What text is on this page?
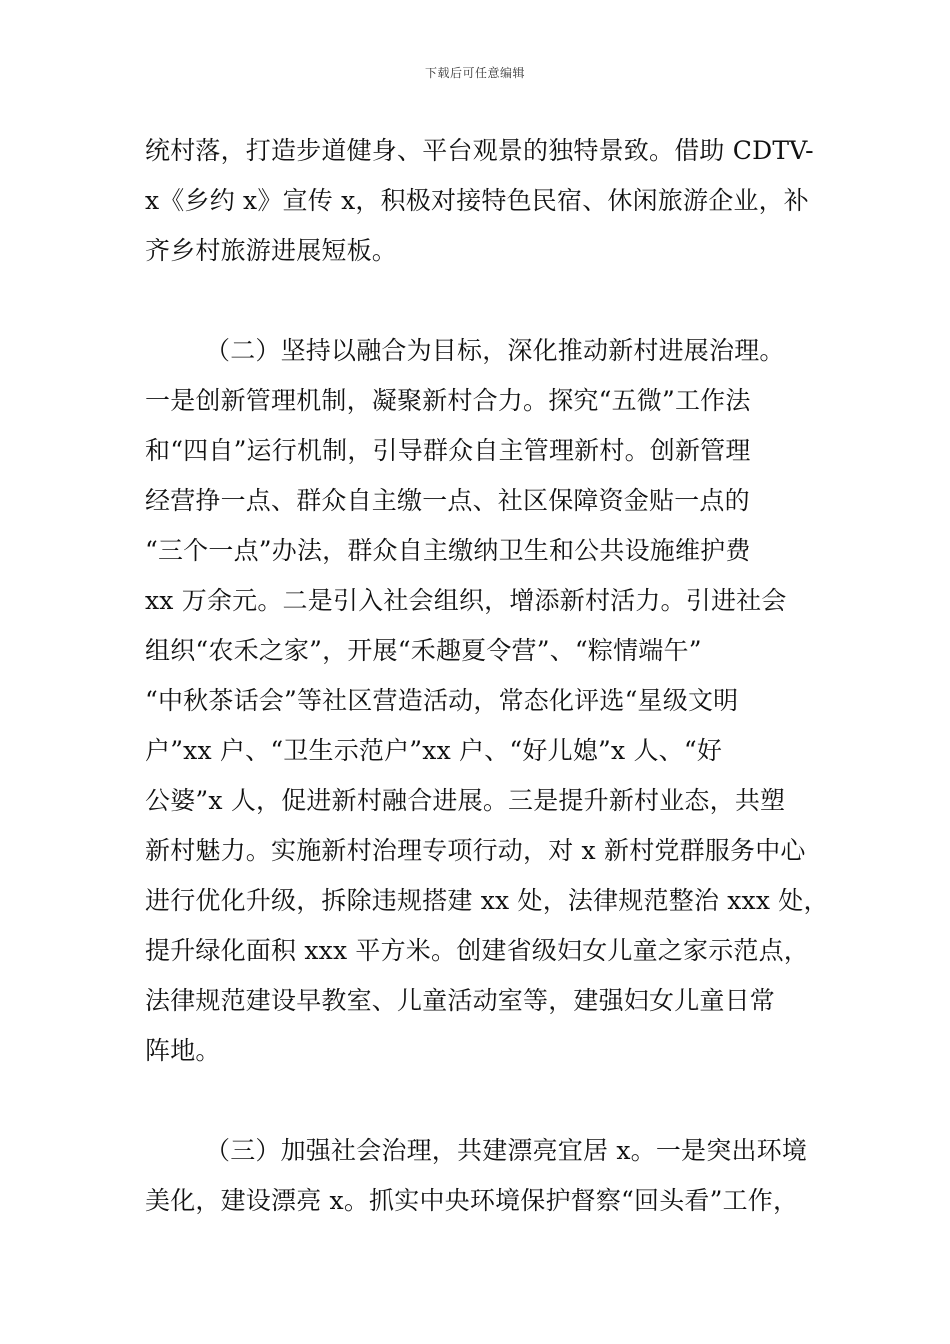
下载后可任意编辑
统村落，打造步道健身、平台观景的独特景致。借助 CDTV-
x《乡约 x》宣传 x，积极对接特色民宿、休闲旅游企业，补
齐乡村旅游进展短板。
（二）坚持以融合为目标，深化推动新村进展治理。
一是创新管理机制，凝聚新村合力。探究“五微”工作法
和“四自”运行机制，引导群众自主管理新村。创新管理
经营挣一点、群众自主缴一点、社区保障资金贴一点的
“三个一点”办法，群众自主缴纳卫生和公共设施维护费
xx 万余元。二是引入社会组织，增添新村活力。引进社会
组织“农禾之家”，开展“禾趣夏令营”、“粽情端午”
“中秋茶话会”等社区营造活动，常态化评选“星级文明
户”xx 户、“卫生示范户”xx 户、“好儿媳”x 人、“好
公婆”x 人，促进新村融合进展。三是提升新村业态，共塑
新村魅力。实施新村治理专项行动，对 x 新村党群服务中心
进行优化升级，拆除违规搭建 xx 处，法律规范整治 xxx 处，
提升绿化面积 xxx 平方米。创建省级妇女儿童之家示范点，
法律规范建设早教室、儿童活动室等，建强妇女儿童日常
阵地。
（三）加强社会治理，共建漂亮宜居 x。一是突出环境
美化，建设漂亮 x。抓实中央环境保护督察“回头看”工作，
